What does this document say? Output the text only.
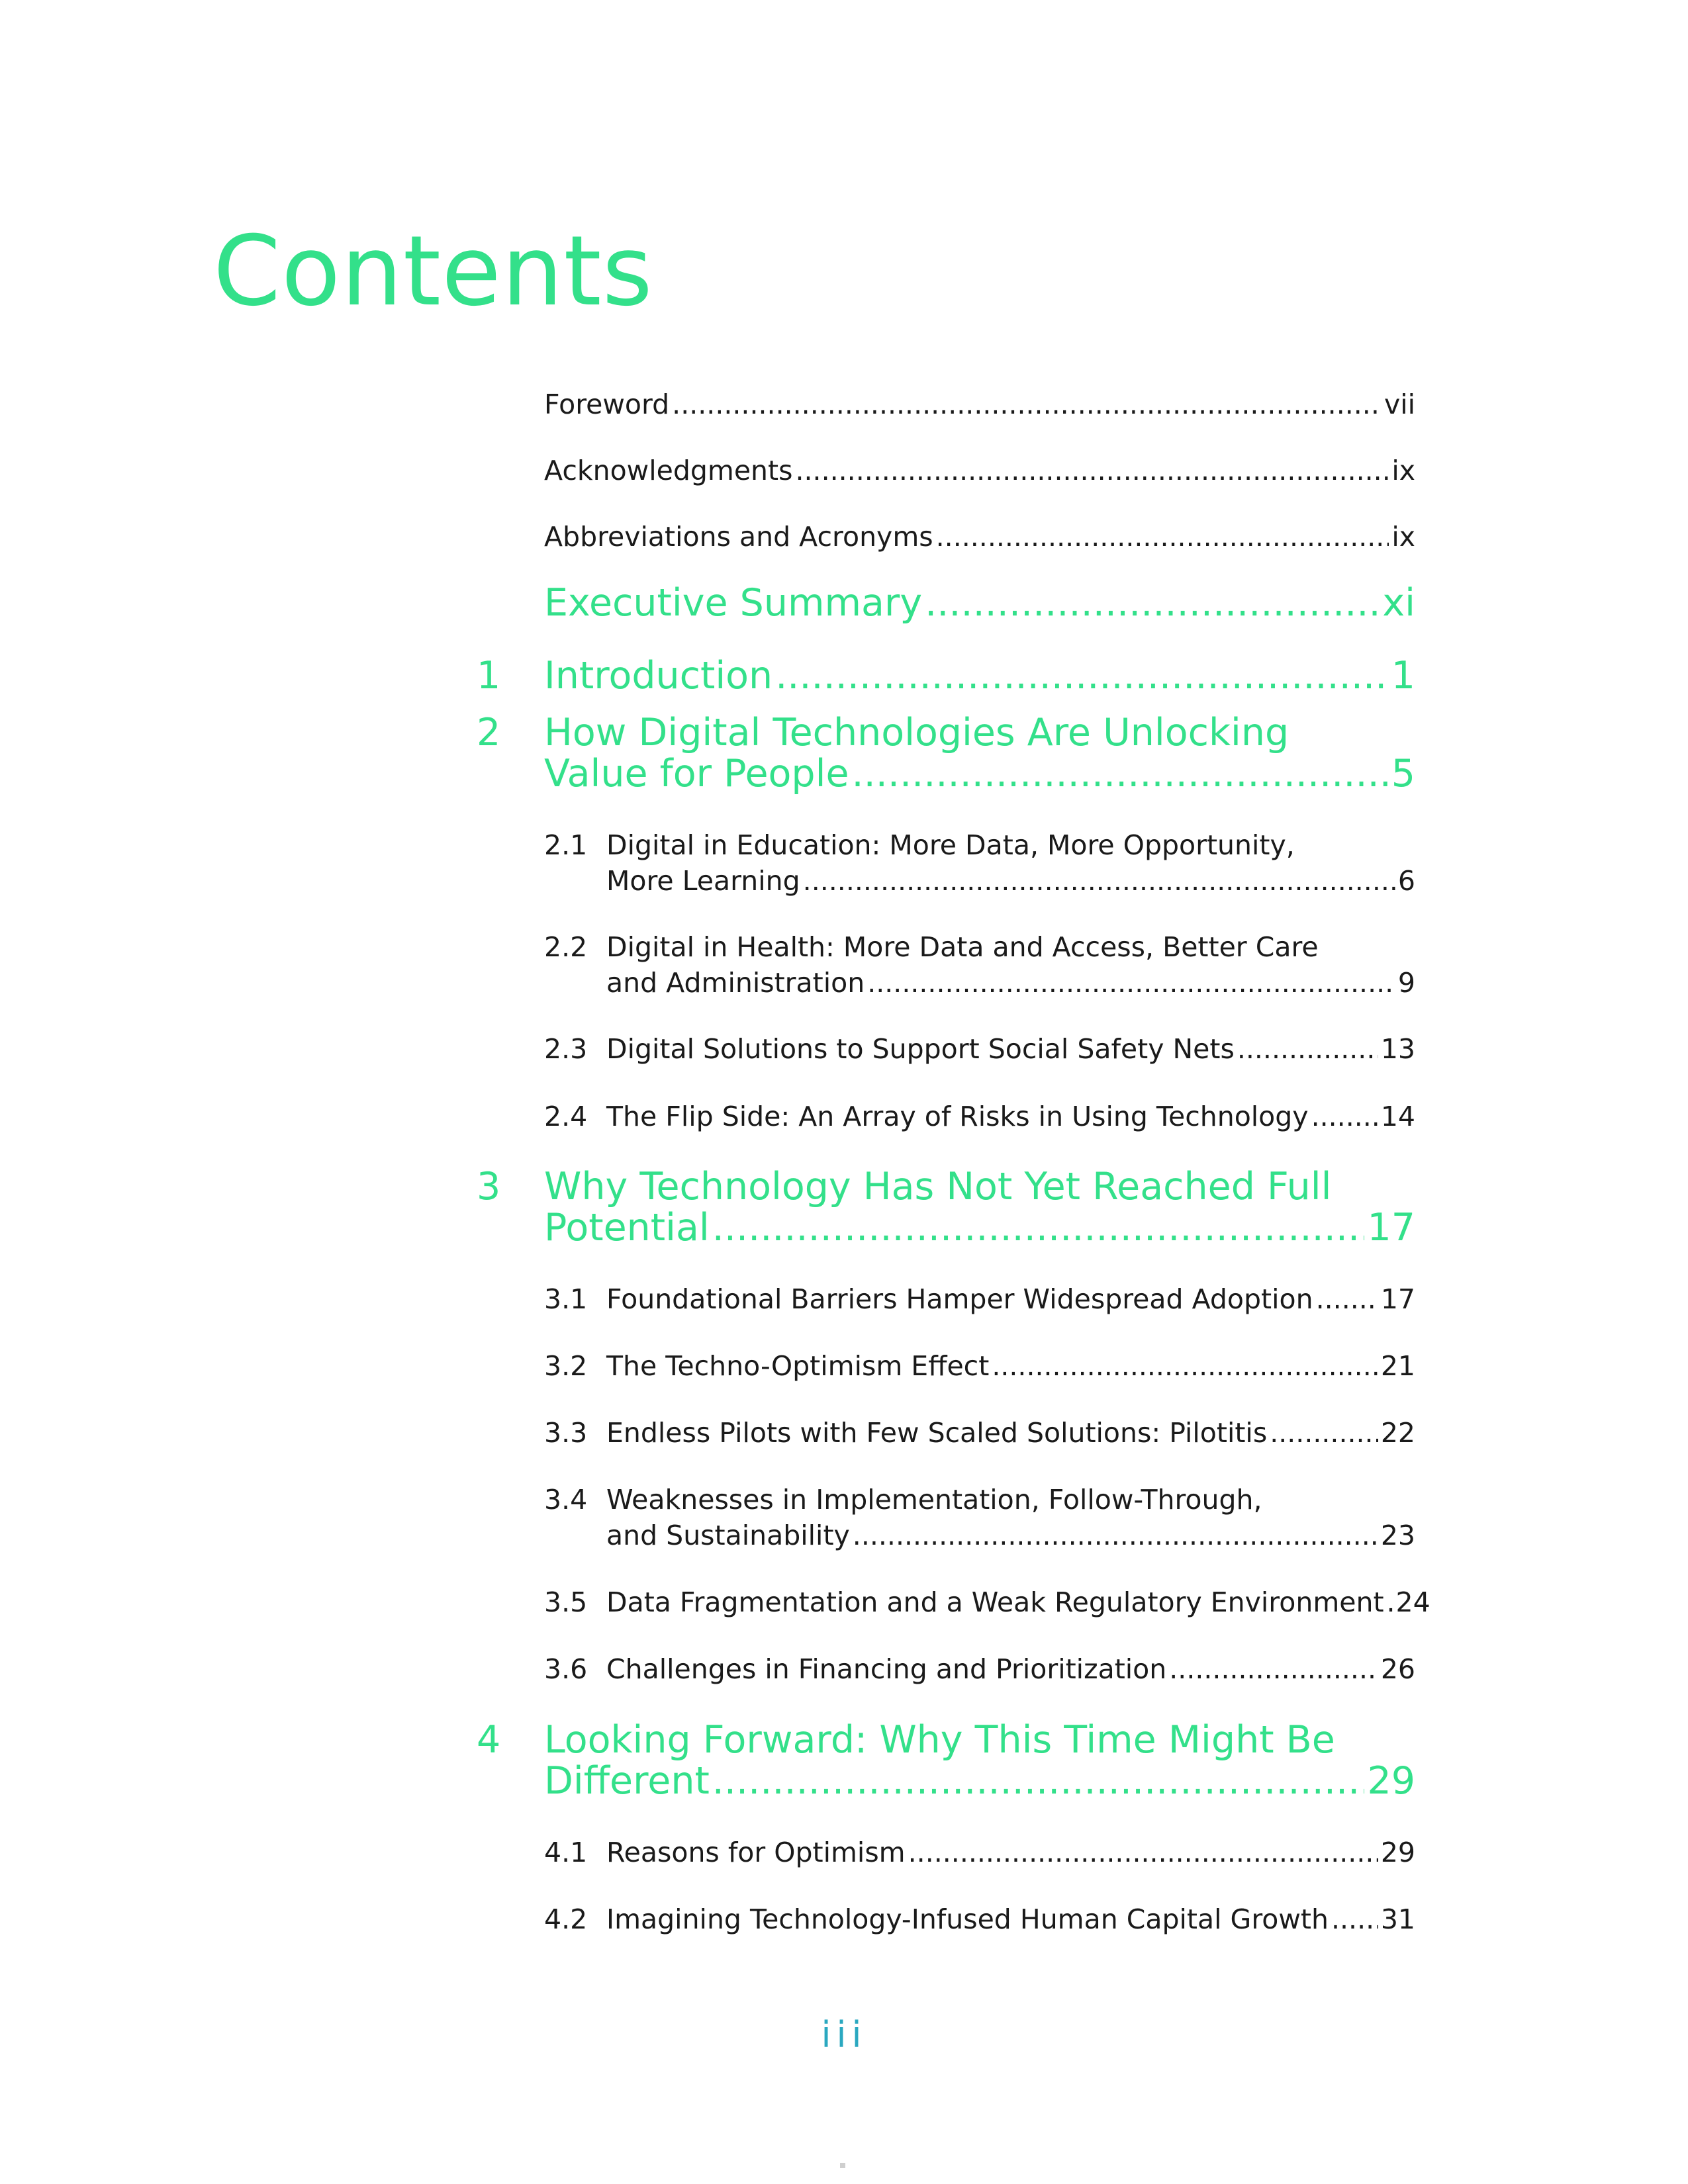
Contents
Foreword .....	vii
Acknowledgments .....	ix
Abbreviations and Acronyms .....	ix
Executive Summary .....	xi
1 Introduction .....	1
2 How Digital Technologies Are Unlocking
Value for People .....	5
2.1 Digital in Education: More Data, More Opportunity,
More Learning .....	6
2.2 Digital in Health: More Data and Access, Better Care
and Administration .....	9
2.3 Digital Solutions to Support Social Safety Nets .....	13
2.4 The Flip Side: An Array of Risks in Using Technology .....	14
3 Why Technology Has Not Yet Reached Full
Potential .....	17
3.1 Foundational Barriers Hamper Widespread Adoption ..... 17
3.2 The Techno-Optimism Effect .....	21
3.3 Endless Pilots with Few Scaled Solutions: Pilotitis .....	22
3.4 Weaknesses in Implementation, Follow-Through,
and Sustainability .....	23
3.5 Data Fragmentation and a Weak Regulatory Environment ..... 24
3.6 Challenges in Financing and Prioritization .....	26
4 Looking Forward: Why This Time Might Be
Different .....	29
4.1 Reasons for Optimism .....	29
4.2 Imagining Technology-Infused Human Capital Growth ..... 31
iii
